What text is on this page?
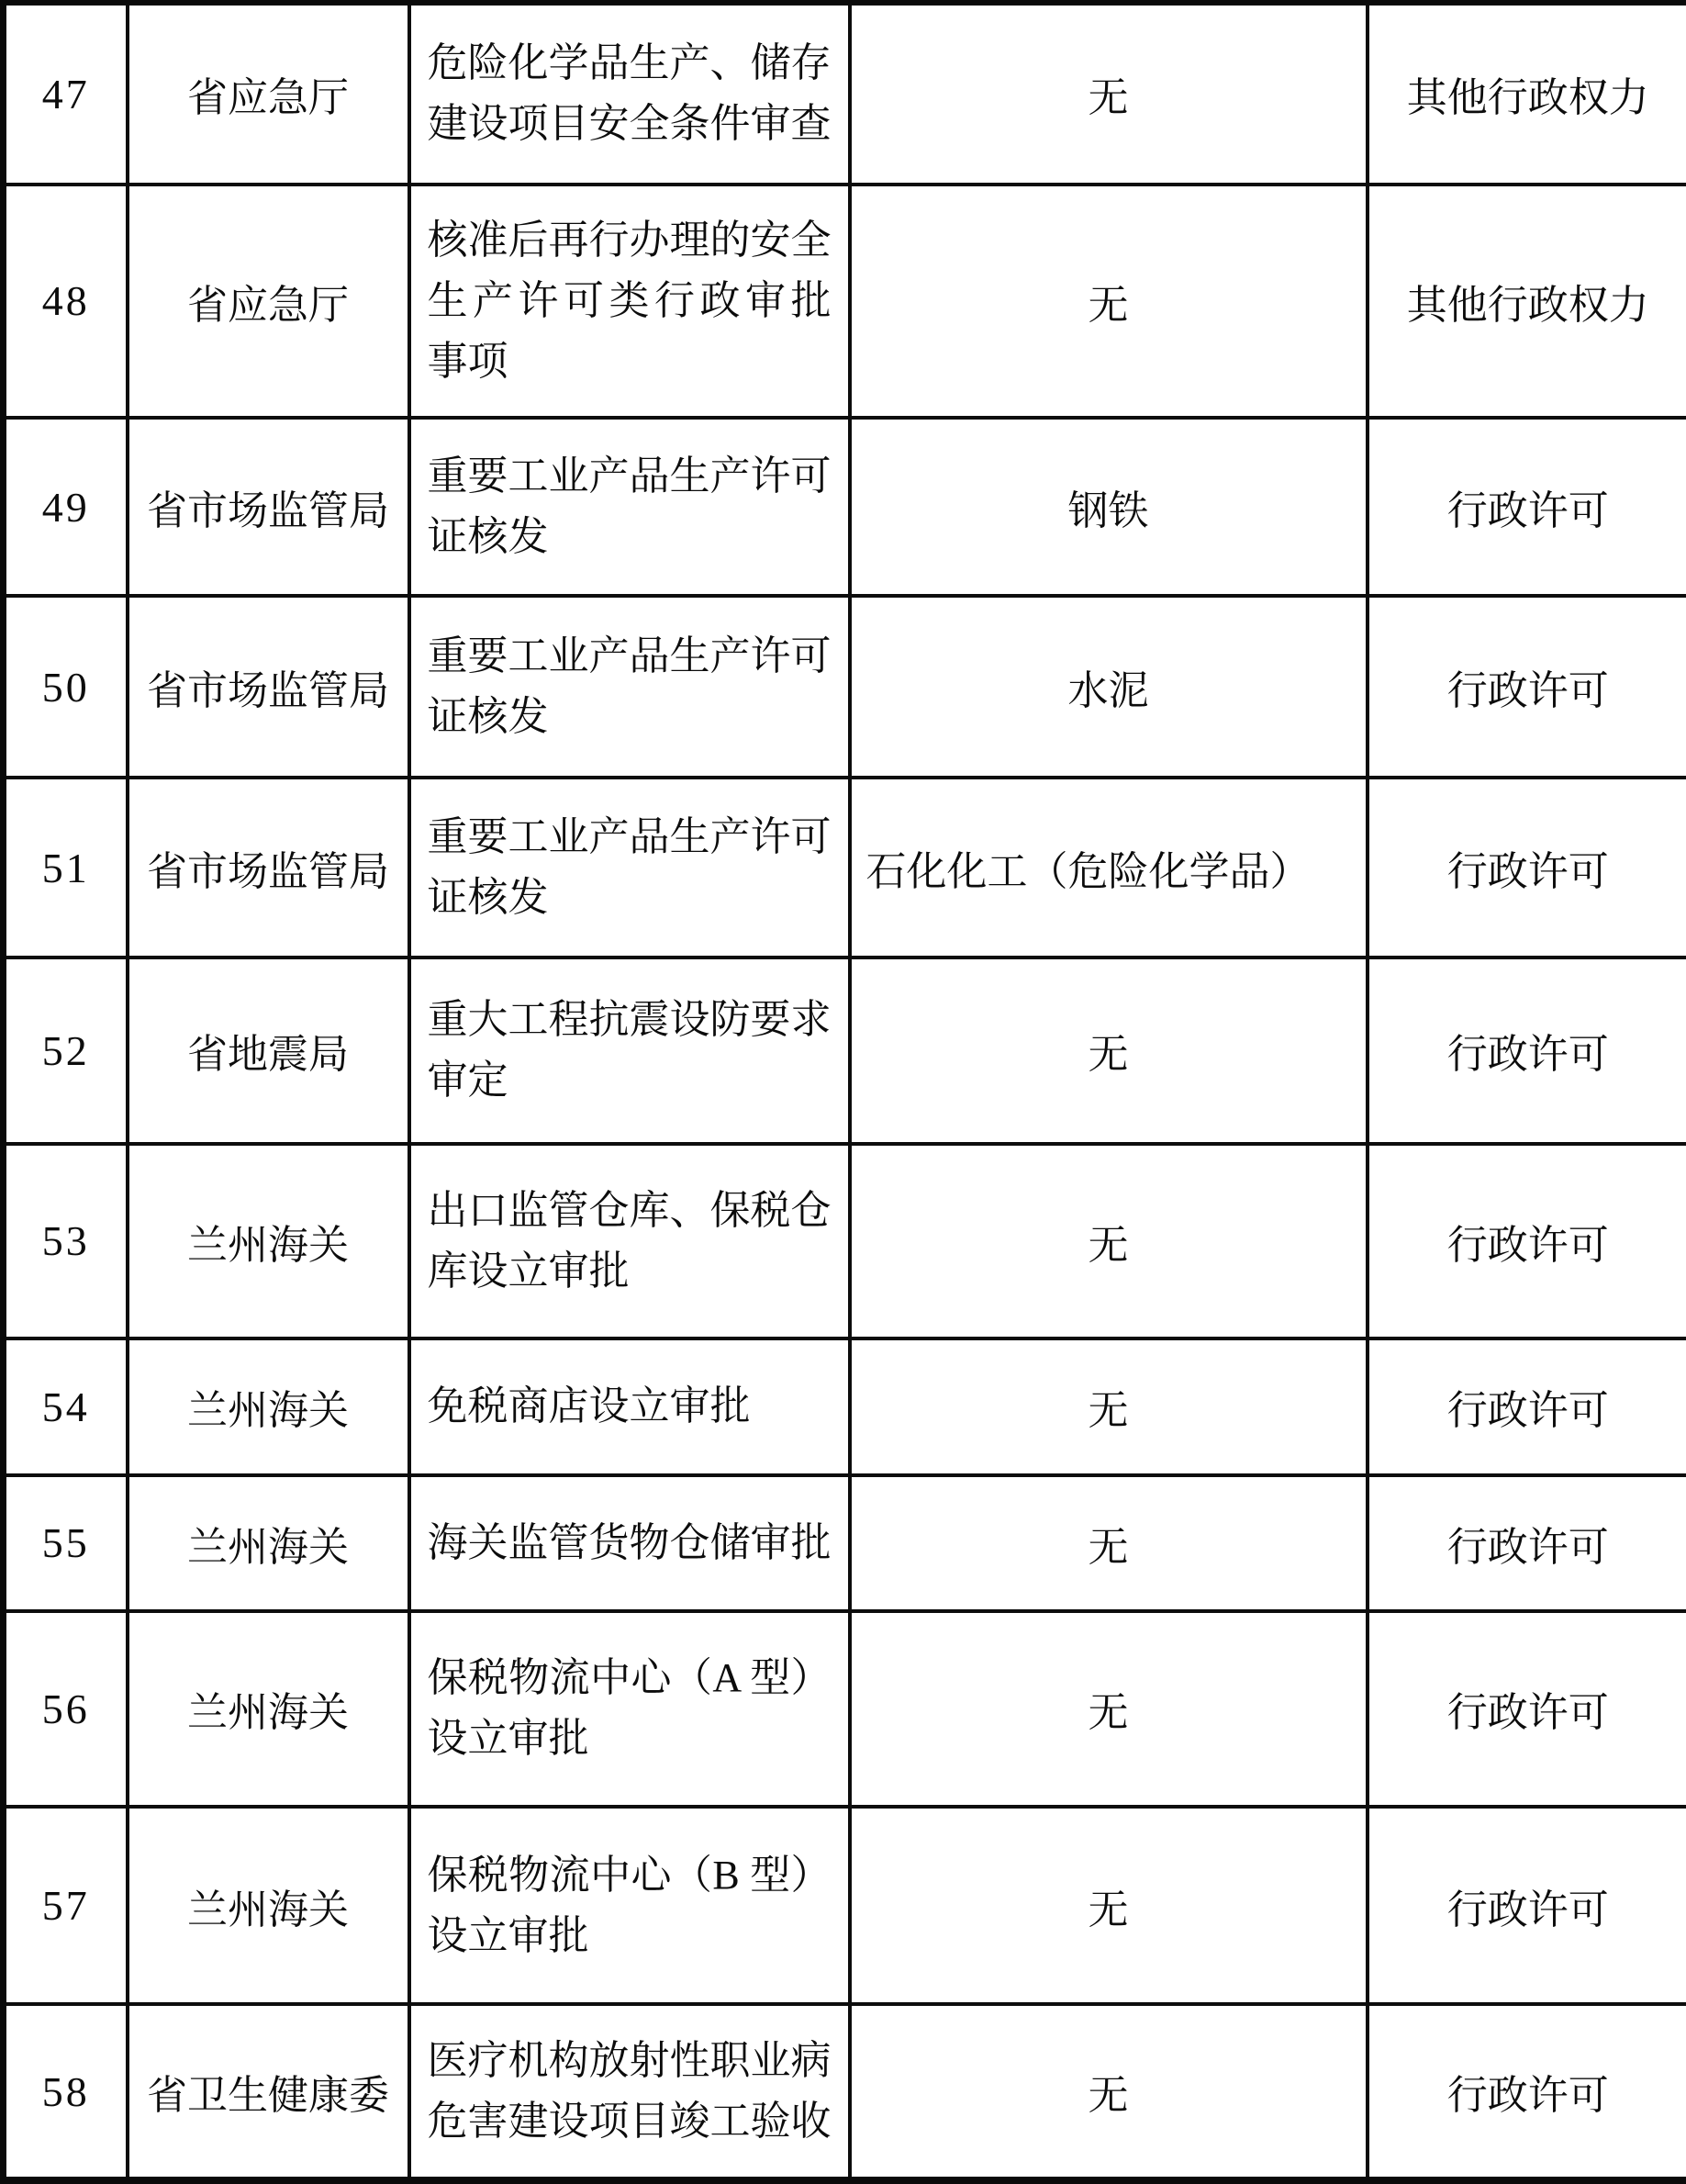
47	省应急厅	危险化学品生产、储存
建设项目安全条件审查	无	其他行政权力
48	省应急厅	核准后再行办理的安全
生产许可类行政审批
事项	无	其他行政权力
49	省市场监管局	重要工业产品生产许可
证核发	钢铁	行政许可
50	省市场监管局	重要工业产品生产许可
证核发	水泥	行政许可
51	省市场监管局	重要工业产品生产许可
证核发	石化化工（危险化学品）	行政许可
52	省地震局	重大工程抗震设防要求
审定	无	行政许可
53	兰州海关	出口监管仓库、保税仓
库设立审批	无	行政许可
54	兰州海关	免税商店设立审批	无	行政许可
55	兰州海关	海关监管货物仓储审批	无	行政许可
56	兰州海关	保税物流中心（A 型）
设立审批	无	行政许可
57	兰州海关	保税物流中心（B 型）
设立审批	无	行政许可
58	省卫生健康委	医疗机构放射性职业病
危害建设项目竣工验收	无	行政许可
